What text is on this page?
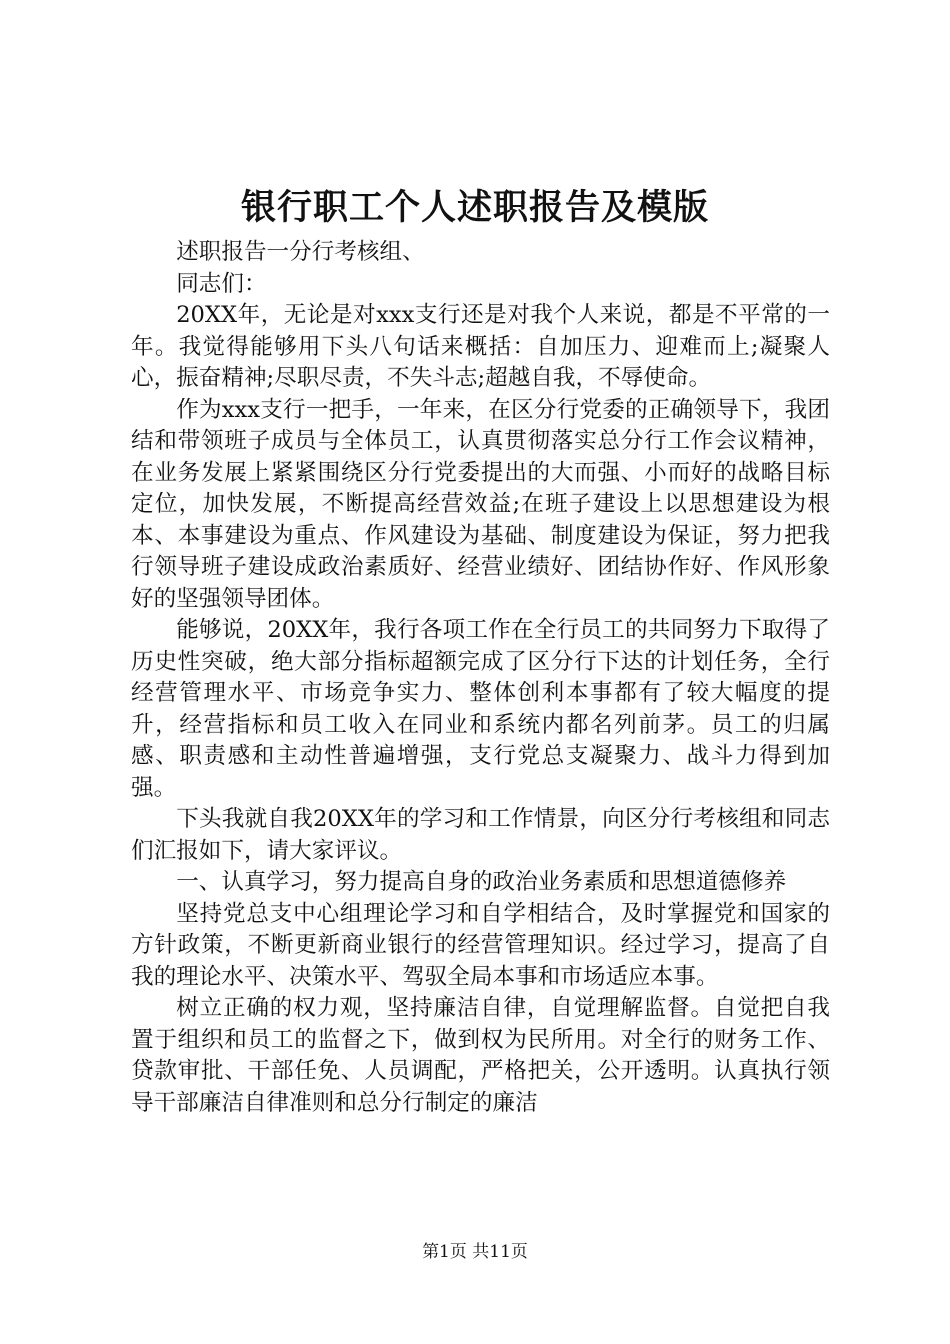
银行职工个人述职报告及模版

述职报告一分行考核组、

同志们：

20XX年，无论是对xxx支行还是对我个人来说，都是不平常的一年。我觉得能够用下头八句话来概括：自加压力、迎难而上;凝聚人心，振奋精神;尽职尽责，不失斗志;超越自我，不辱使命。

作为xxx支行一把手，一年来，在区分行党委的正确领导下，我团结和带领班子成员与全体员工，认真贯彻落实总分行工作会议精神，在业务发展上紧紧围绕区分行党委提出的大而强、小而好的战略目标定位，加快发展，不断提高经营效益;在班子建设上以思想建设为根本、本事建设为重点、作风建设为基础、制度建设为保证，努力把我行领导班子建设成政治素质好、经营业绩好、团结协作好、作风形象好的坚强领导团体。

能够说，20XX年，我行各项工作在全行员工的共同努力下取得了历史性突破，绝大部分指标超额完成了区分行下达的计划任务，全行经营管理水平、市场竞争实力、整体创利本事都有了较大幅度的提升，经营指标和员工收入在同业和系统内都名列前茅。员工的归属感、职责感和主动性普遍增强，支行党总支凝聚力、战斗力得到加强。

下头我就自我20XX年的学习和工作情景，向区分行考核组和同志们汇报如下，请大家评议。

一、认真学习，努力提高自身的政治业务素质和思想道德修养

坚持党总支中心组理论学习和自学相结合，及时掌握党和国家的方针政策，不断更新商业银行的经营管理知识。经过学习，提高了自我的理论水平、决策水平、驾驭全局本事和市场适应本事。

树立正确的权力观，坚持廉洁自律，自觉理解监督。自觉把自我置于组织和员工的监督之下，做到权为民所用。对全行的财务工作、贷款审批、干部任免、人员调配，严格把关，公开透明。认真执行领导干部廉洁自律准则和总分行制定的廉洁

第1页 共11页
